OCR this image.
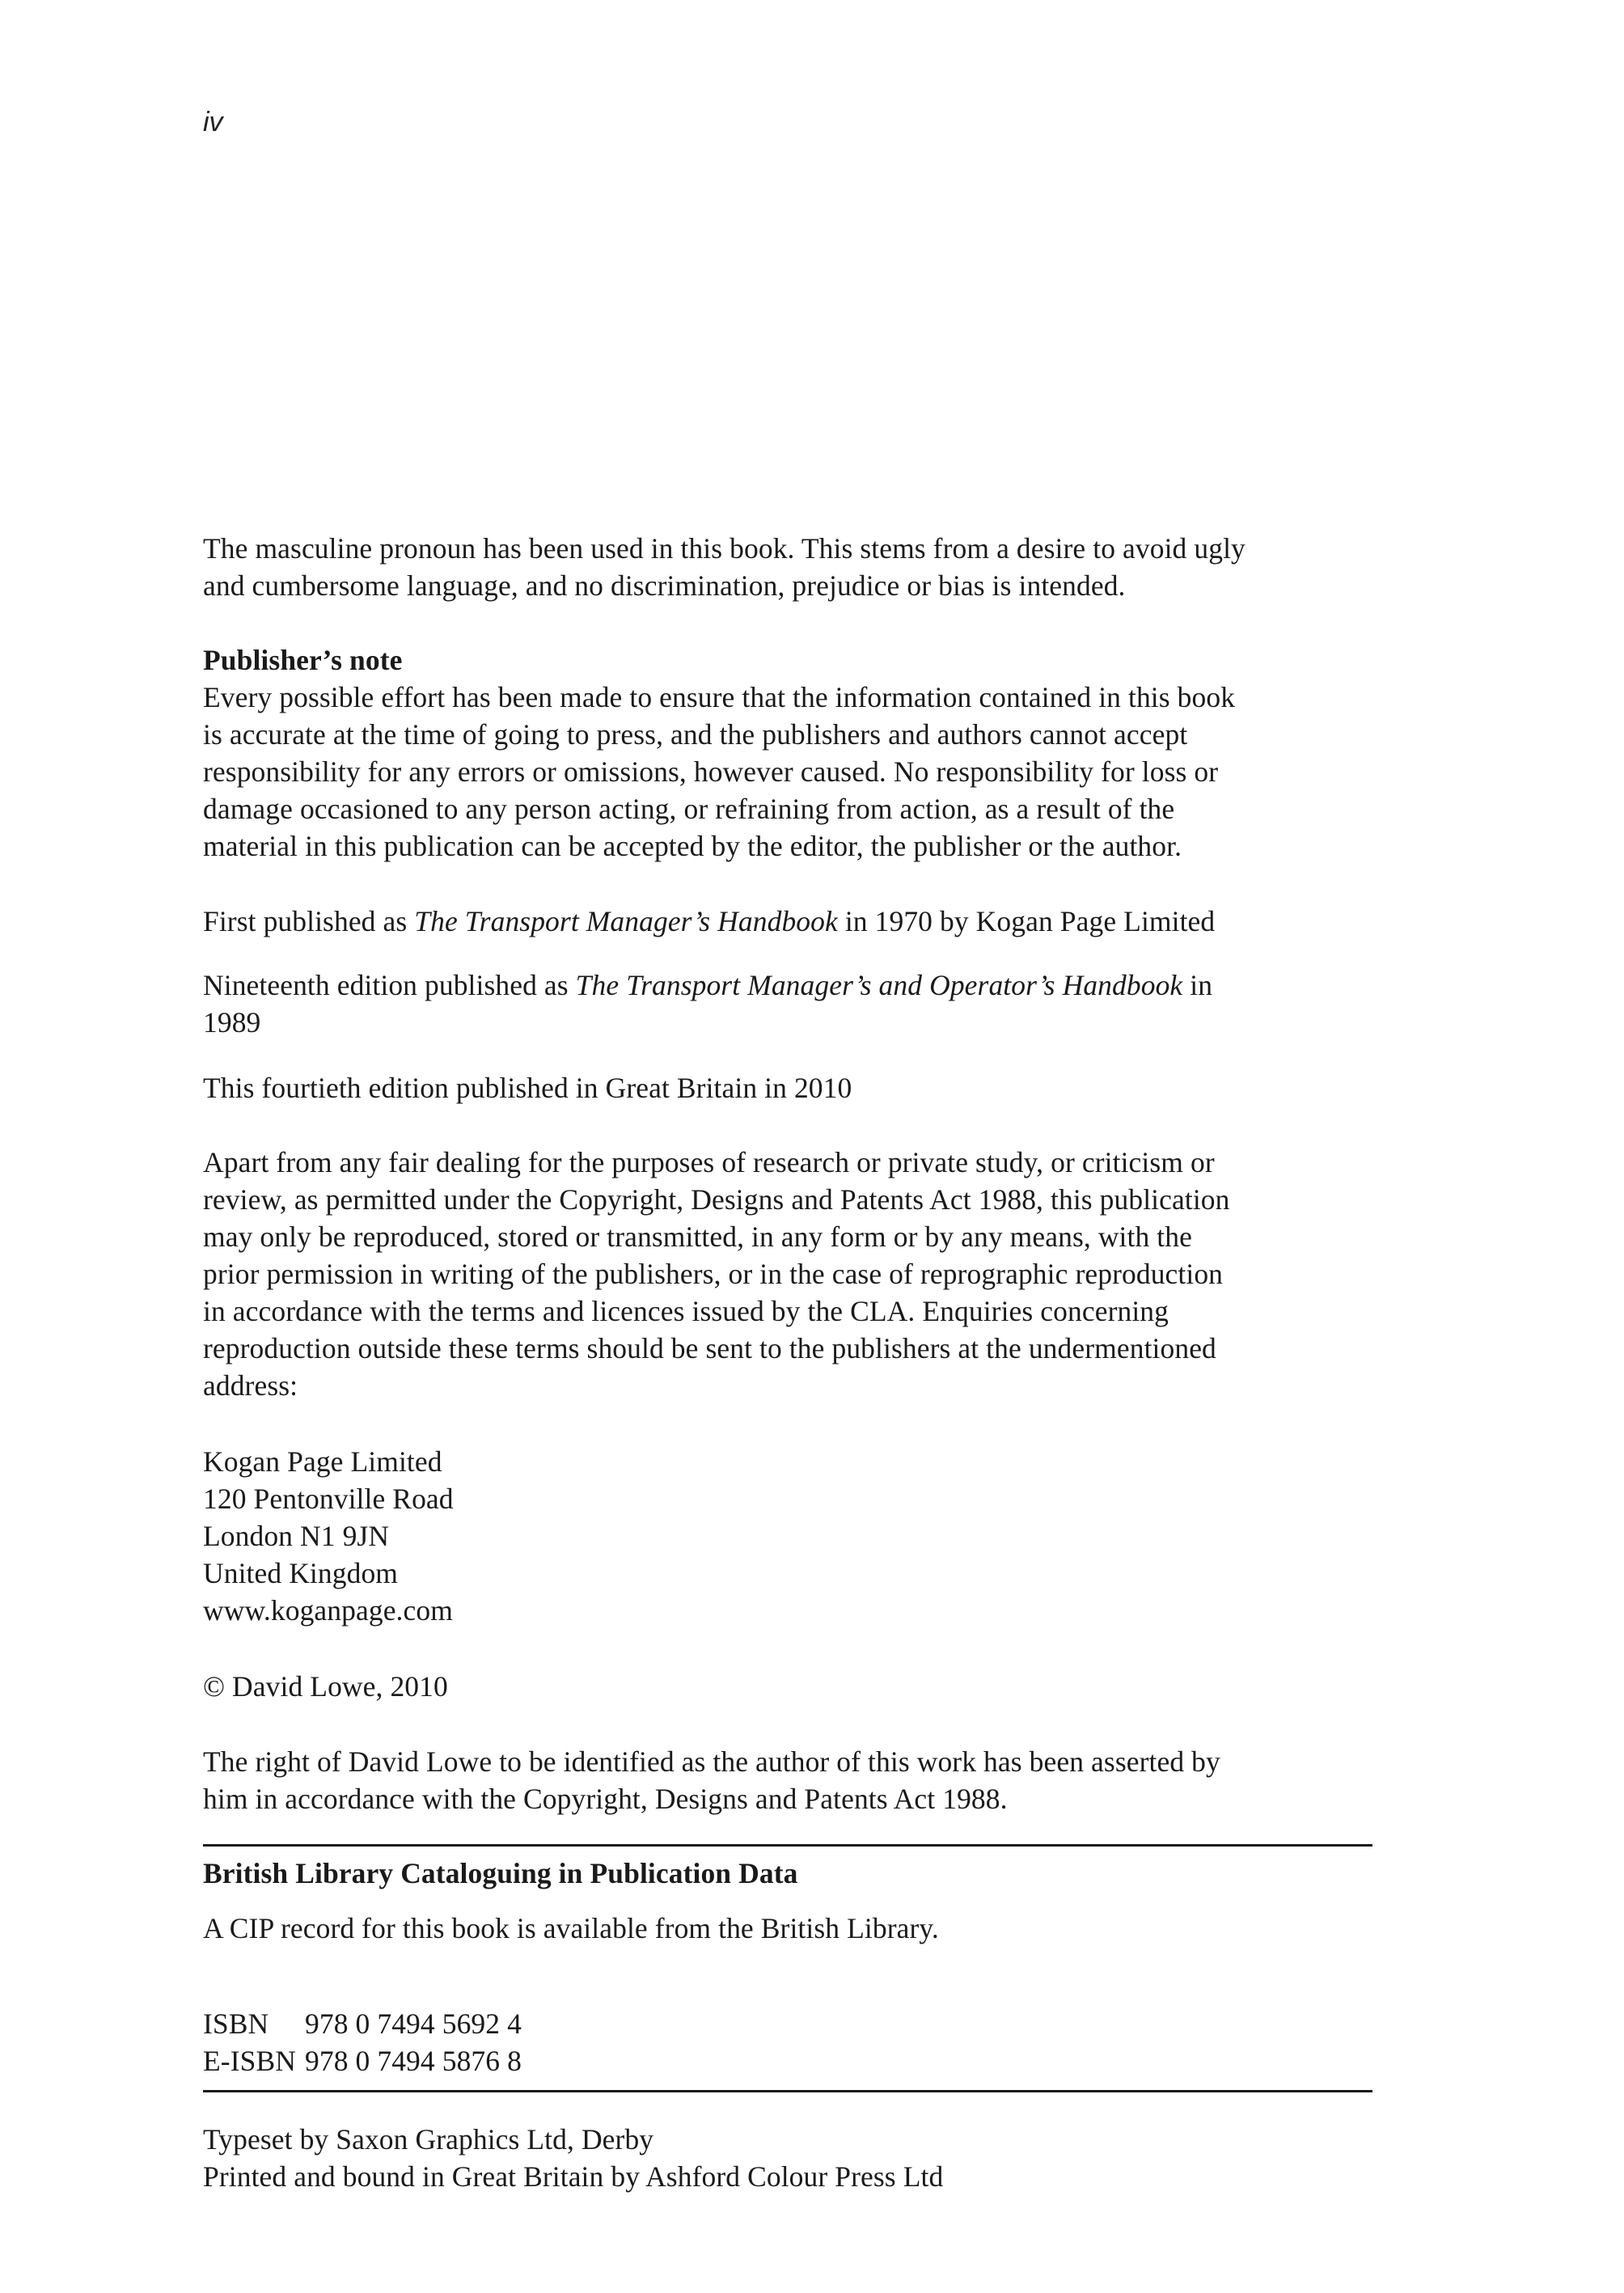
iv
The masculine pronoun has been used in this book. This stems from a desire to avoid ugly
and cumbersome language, and no discrimination, prejudice or bias is intended.
Publisher’s note
Every possible effort has been made to ensure that the information contained in this book
is accurate at the time of going to press, and the publishers and authors cannot accept
responsibility for any errors or omissions, however caused. No responsibility for loss or
damage occasioned to any person acting, or refraining from action, as a result of the
material in this publication can be accepted by the editor, the publisher or the author.
First published as The Transport Manager’s Handbook in 1970 by Kogan Page Limited
Nineteenth edition published as The Transport Manager’s and Operator’s Handbook in
1989
This fourtieth edition published in Great Britain in 2010
Apart from any fair dealing for the purposes of research or private study, or criticism or
review, as permitted under the Copyright, Designs and Patents Act 1988, this publication
may only be reproduced, stored or transmitted, in any form or by any means, with the
prior permission in writing of the publishers, or in the case of reprographic reproduction
in accordance with the terms and licences issued by the CLA. Enquiries concerning
reproduction outside these terms should be sent to the publishers at the undermentioned
address:
Kogan Page Limited
120 Pentonville Road
London N1 9JN
United Kingdom
www.koganpage.com
© David Lowe, 2010
The right of David Lowe to be identified as the author of this work has been asserted by
him in accordance with the Copyright, Designs and Patents Act 1988.
British Library Cataloguing in Publication Data
A CIP record for this book is available from the British Library.
ISBN 978 0 7494 5692 4
E-ISBN 978 0 7494 5876 8
Typeset by Saxon Graphics Ltd, Derby
Printed and bound in Great Britain by Ashford Colour Press Ltd
